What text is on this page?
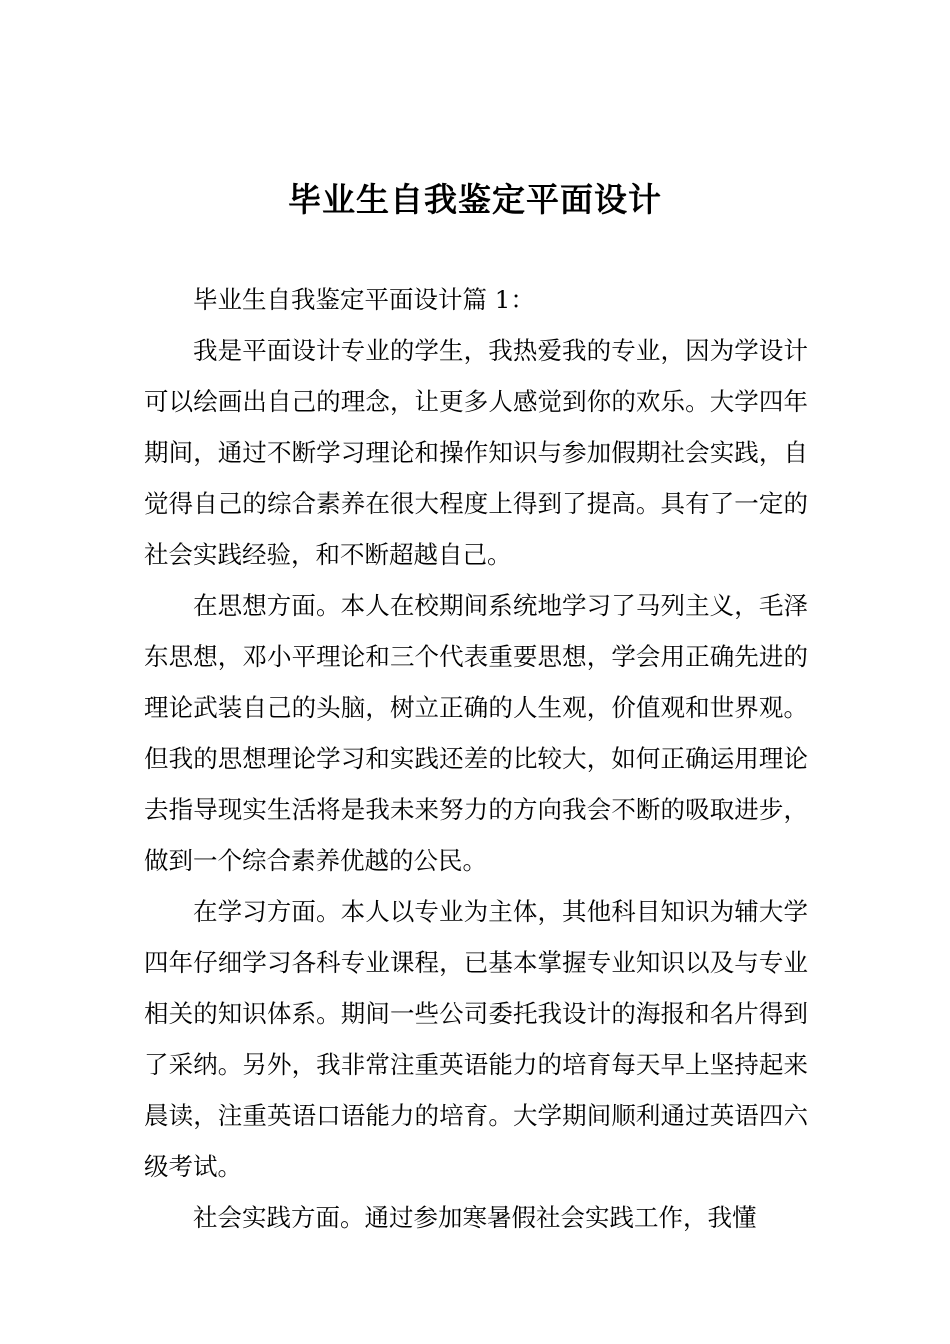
毕业生自我鉴定平面设计

毕业生自我鉴定平面设计篇 1：

我是平面设计专业的学生，我热爱我的专业，因为学设计可以绘画出自己的理念，让更多人感觉到你的欢乐。大学四年期间，通过不断学习理论和操作知识与参加假期社会实践，自觉得自己的综合素养在很大程度上得到了提高。具有了一定的社会实践经验，和不断超越自己。

在思想方面。本人在校期间系统地学习了马列主义，毛泽东思想，邓小平理论和三个代表重要思想，学会用正确先进的理论武装自己的头脑，树立正确的人生观，价值观和世界观。但我的思想理论学习和实践还差的比较大，如何正确运用理论去指导现实生活将是我未来努力的方向我会不断的吸取进步，做到一个综合素养优越的公民。

在学习方面。本人以专业为主体，其他科目知识为辅大学四年仔细学习各科专业课程，已基本掌握专业知识以及与专业相关的知识体系。期间一些公司委托我设计的海报和名片得到了采纳。另外，我非常注重英语能力的培育每天早上坚持起来晨读，注重英语口语能力的培育。大学期间顺利通过英语四六级考试。

社会实践方面。通过参加寒暑假社会实践工作，我懂
